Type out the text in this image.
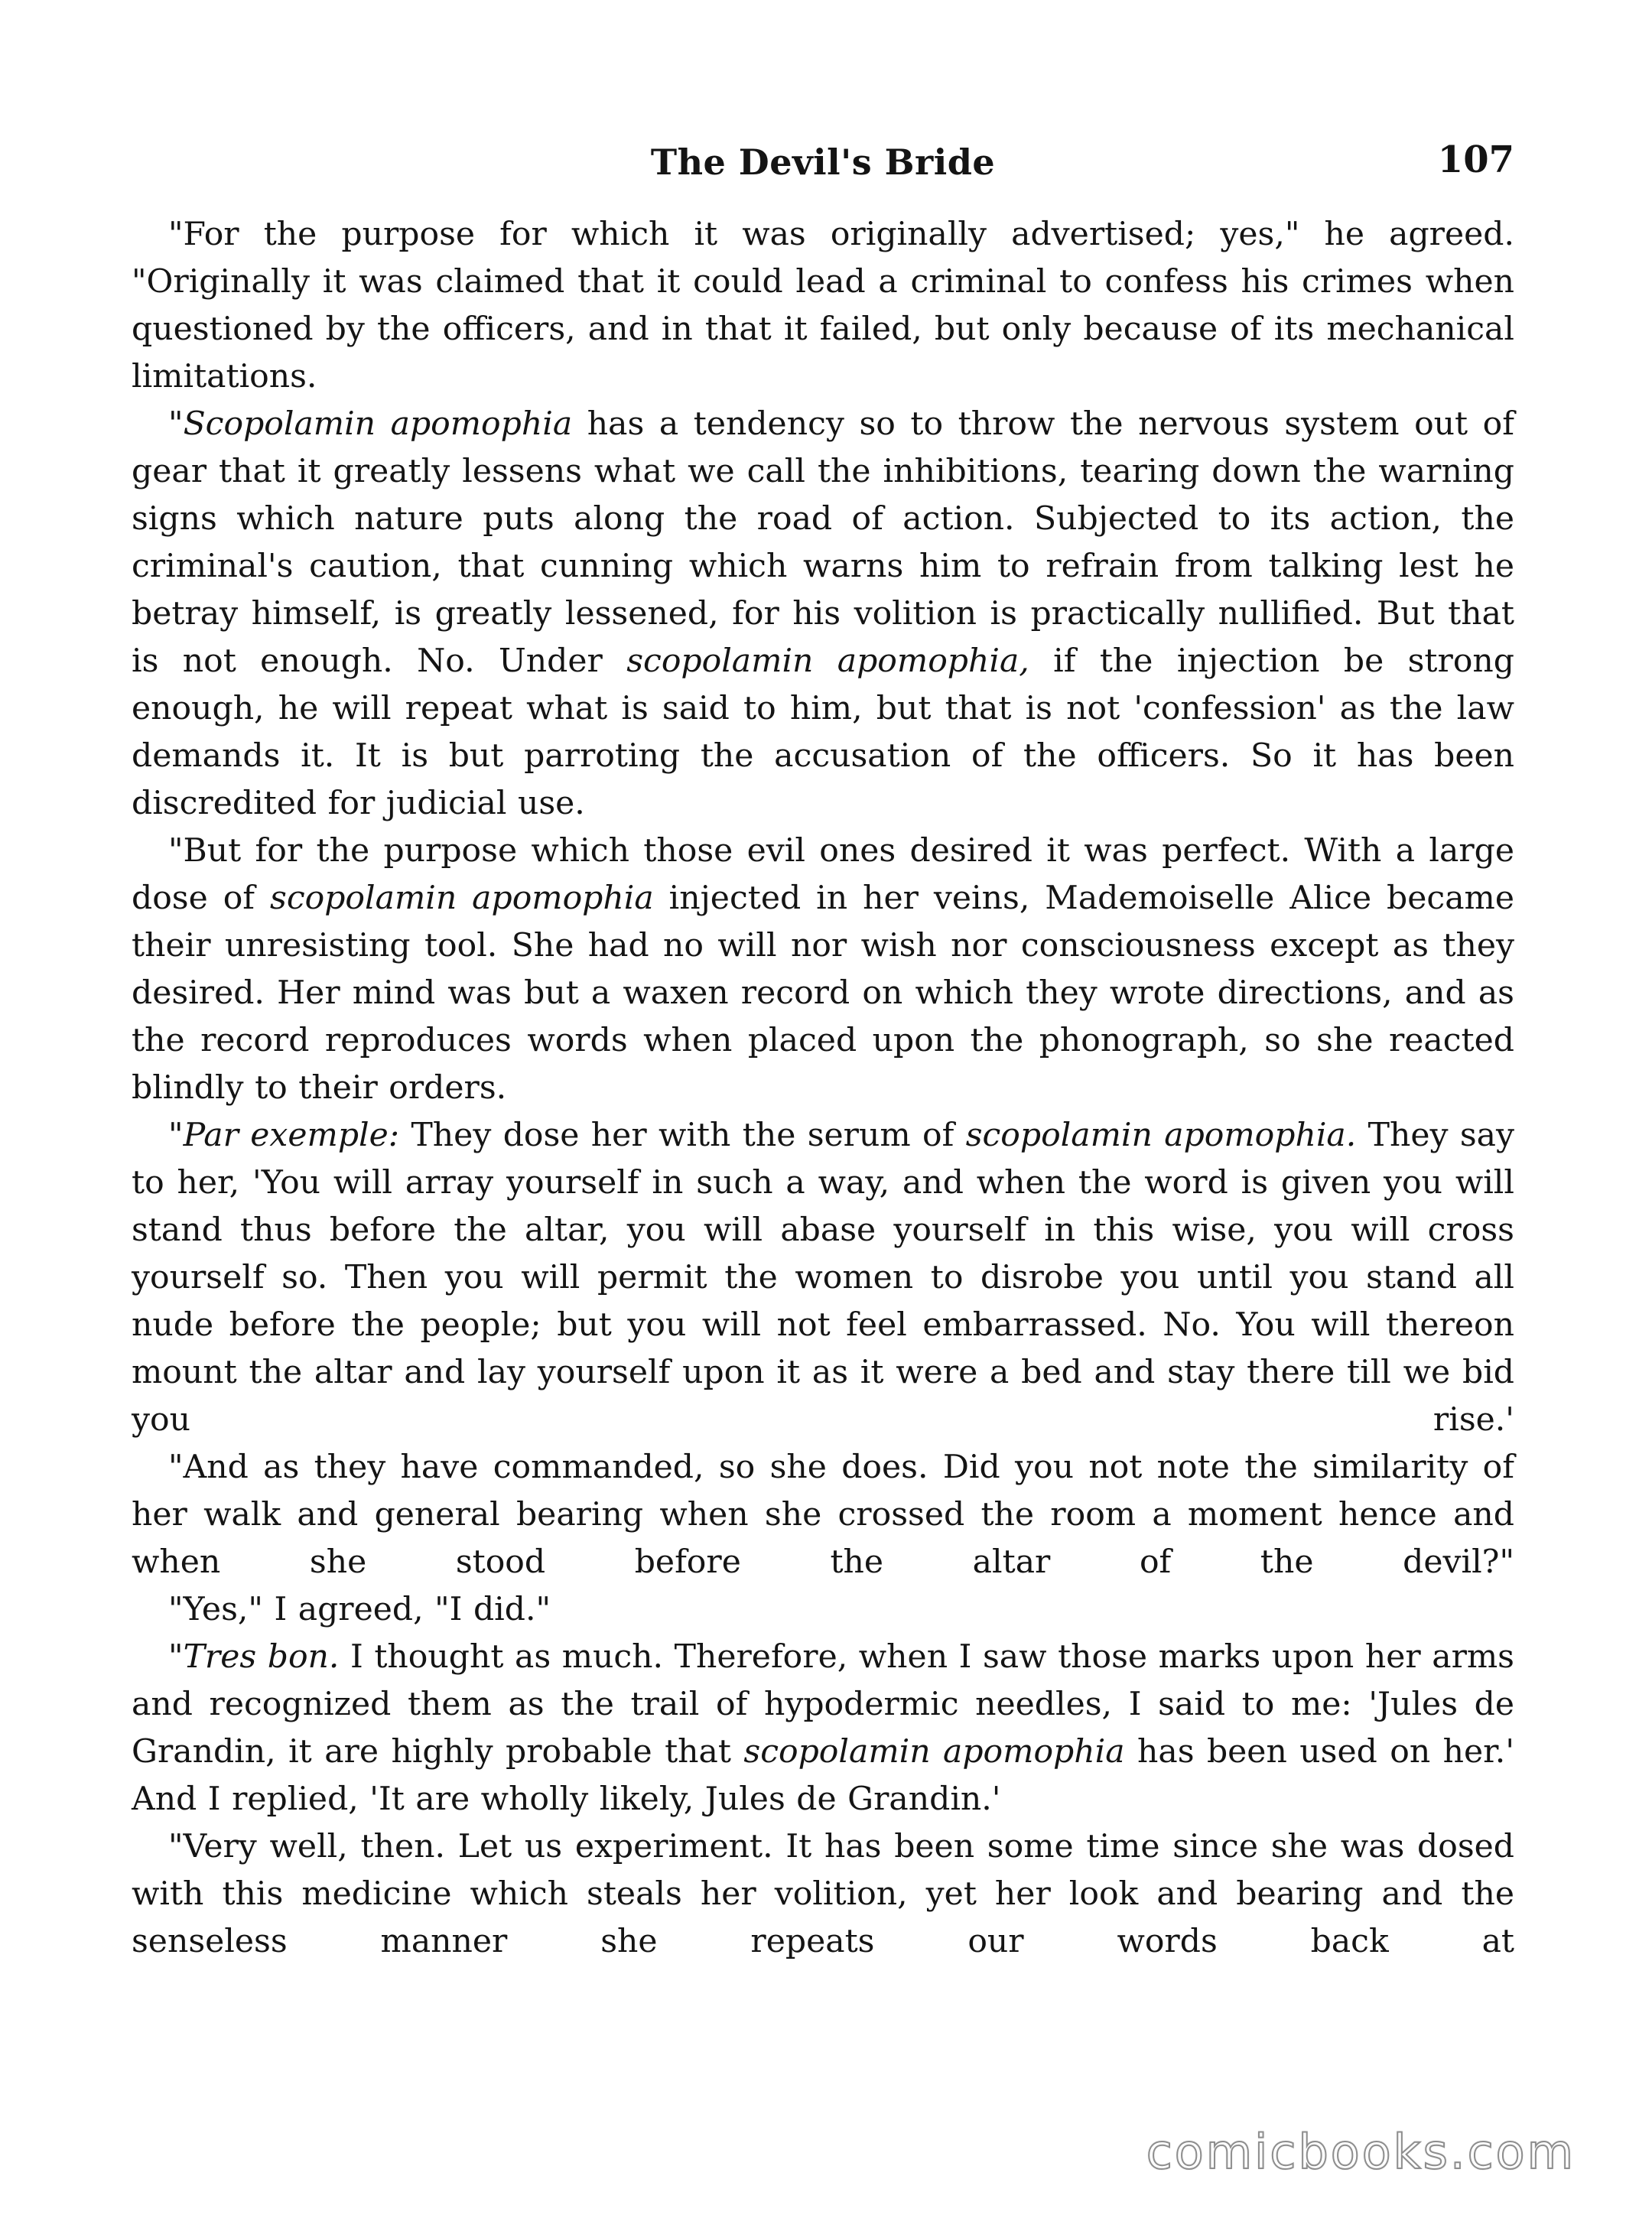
The Devil's Bride	107

"For the purpose for which it was originally advertised; yes," he agreed. "Originally it was claimed that it could lead a criminal to confess his crimes when questioned by the officers, and in that it failed, but only because of its mechanical limitations.

"Scopolamin apomophia has a tendency so to throw the nervous system out of gear that it greatly lessens what we call the inhibitions, tearing down the warning signs which nature puts along the road of action. Subjected to its action, the criminal's caution, that cunning which warns him to refrain from talking lest he betray himself, is greatly lessened, for his volition is practically nullified. But that is not enough. No. Under scopolamin apomophia, if the injection be strong enough, he will repeat what is said to him, but that is not 'confession' as the law demands it. It is but parroting the accusation of the officers. So it has been discredited for judicial use.

"But for the purpose which those evil ones desired it was perfect. With a large dose of scopolamin apomophia injected in her veins, Mademoiselle Alice became their unresisting tool. She had no will nor wish nor consciousness except as they desired. Her mind was but a waxen record on which they wrote directions, and as the record reproduces words when placed upon the phonograph, so she reacted blindly to their orders.

"Par exemple: They dose her with the serum of scopolamin apomophia. They say to her, 'You will array yourself in such a way, and when the word is given you will stand thus before the altar, you will abase yourself in this wise, you will cross yourself so. Then you will permit the women to disrobe you until you stand all nude before the people; but you will not feel embarrassed. No. You will thereon mount the altar and lay yourself upon it as it were a bed and stay there till we bid you rise.'

"And as they have commanded, so she does. Did you not note the similarity of her walk and general bearing when she crossed the room a moment hence and when she stood before the altar of the devil?"

"Yes," I agreed, "I did."

"Tres bon. I thought as much. Therefore, when I saw those marks upon her arms and recognized them as the trail of hypodermic needles, I said to me: 'Jules de Grandin, it are highly probable that scopolamin apomophia has been used on her.' And I replied, 'It are wholly likely, Jules de Grandin.'

"Very well, then. Let us experiment. It has been some time since she was dosed with this medicine which steals her volition, yet her look and bearing and the senseless manner she repeats our words back at

comicbooks.com
